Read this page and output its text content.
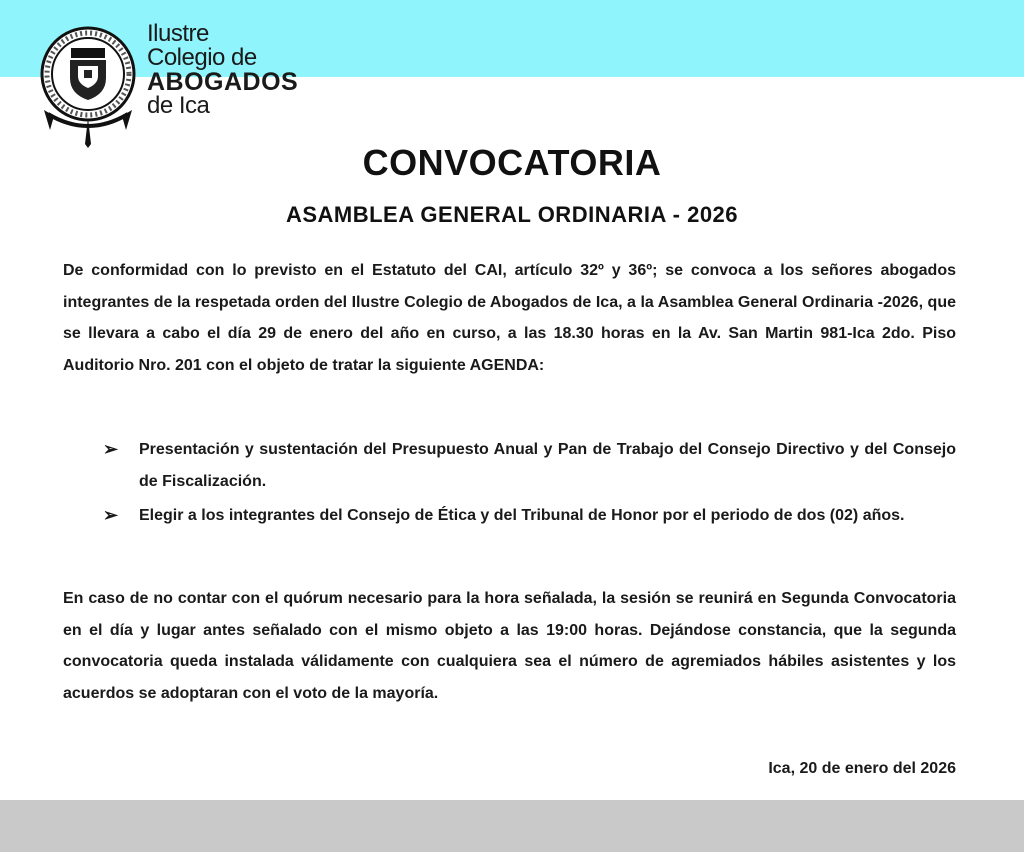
Ilustre
Colegio de
ABOGADOS
de Ica
CONVOCATORIA
ASAMBLEA GENERAL ORDINARIA - 2026

De conformidad con lo previsto en el Estatuto del CAI, artículo 32º y 36º; se convoca a los señores abogados integrantes de la respetada orden del Ilustre Colegio de Abogados de Ica, a la Asamblea General Ordinaria -2026, que se llevara a cabo el día 29 de enero del año en curso, a las 18.30 horas en la Av. San Martin 981-Ica 2do. Piso Auditorio Nro. 201 con el objeto de tratar la siguiente AGENDA:

➢ Presentación y sustentación del Presupuesto Anual y Pan de Trabajo del Consejo Directivo y del Consejo de Fiscalización.
➢ Elegir a los integrantes del Consejo de Ética y del Tribunal de Honor por el periodo de dos (02) años.

En caso de no contar con el quórum necesario para la hora señalada, la sesión se reunirá en Segunda Convocatoria en el día y lugar antes señalado con el mismo objeto a las 19:00 horas. Dejándose constancia, que la segunda convocatoria queda instalada válidamente con cualquiera sea el número de agremiados hábiles asistentes y los acuerdos se adoptaran con el voto de la mayoría.

Ica, 20 de enero del 2026
